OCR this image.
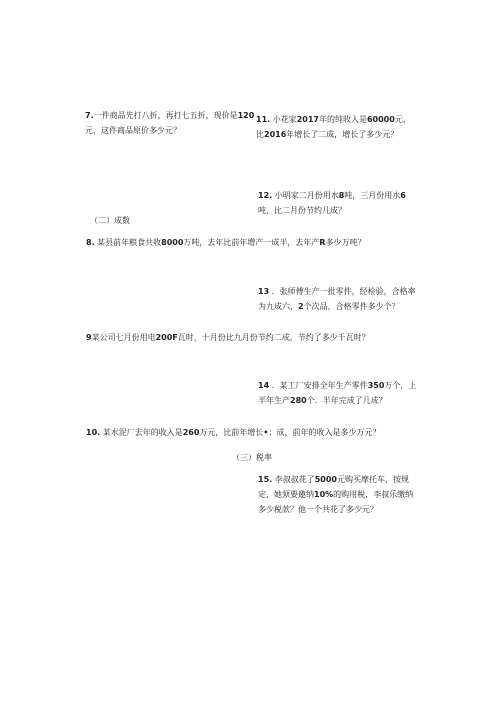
7.一件商品先打八折，再打七五折，现价是120元，这件商品原价多少元？

11. 小花家2017年的纯收入是60000元，比2016年增长了二成，增长了多少元？

12. 小明家二月份用水8吨，三月份用水6吨，比二月份节约几成？

（二）成数

8. 某县前年粮食共收8000万吨，去年比前年增产一成半，去年产R多少万吨？

13 ．张师傅生产一批零件，经检验，合格率为九成六，2个次品，合格零件多少个？

9某公司七月份用电200F瓦时，十月份比九月份节约二成，节约了多少千瓦时？

14 ．某工厂安排全年生产零件350万个，上半年生产280个．半年完成了几成？

10. 某水泥厂去年的收入是260万元，比前年增长•；成，前年的收入是多少万元？

（三）税率

15. 李叔叔花了5000元购买摩托车，按规定，她须要邀纳10%的购用税，李叔乐缴纳多少税款？他一个共花了多少元？
